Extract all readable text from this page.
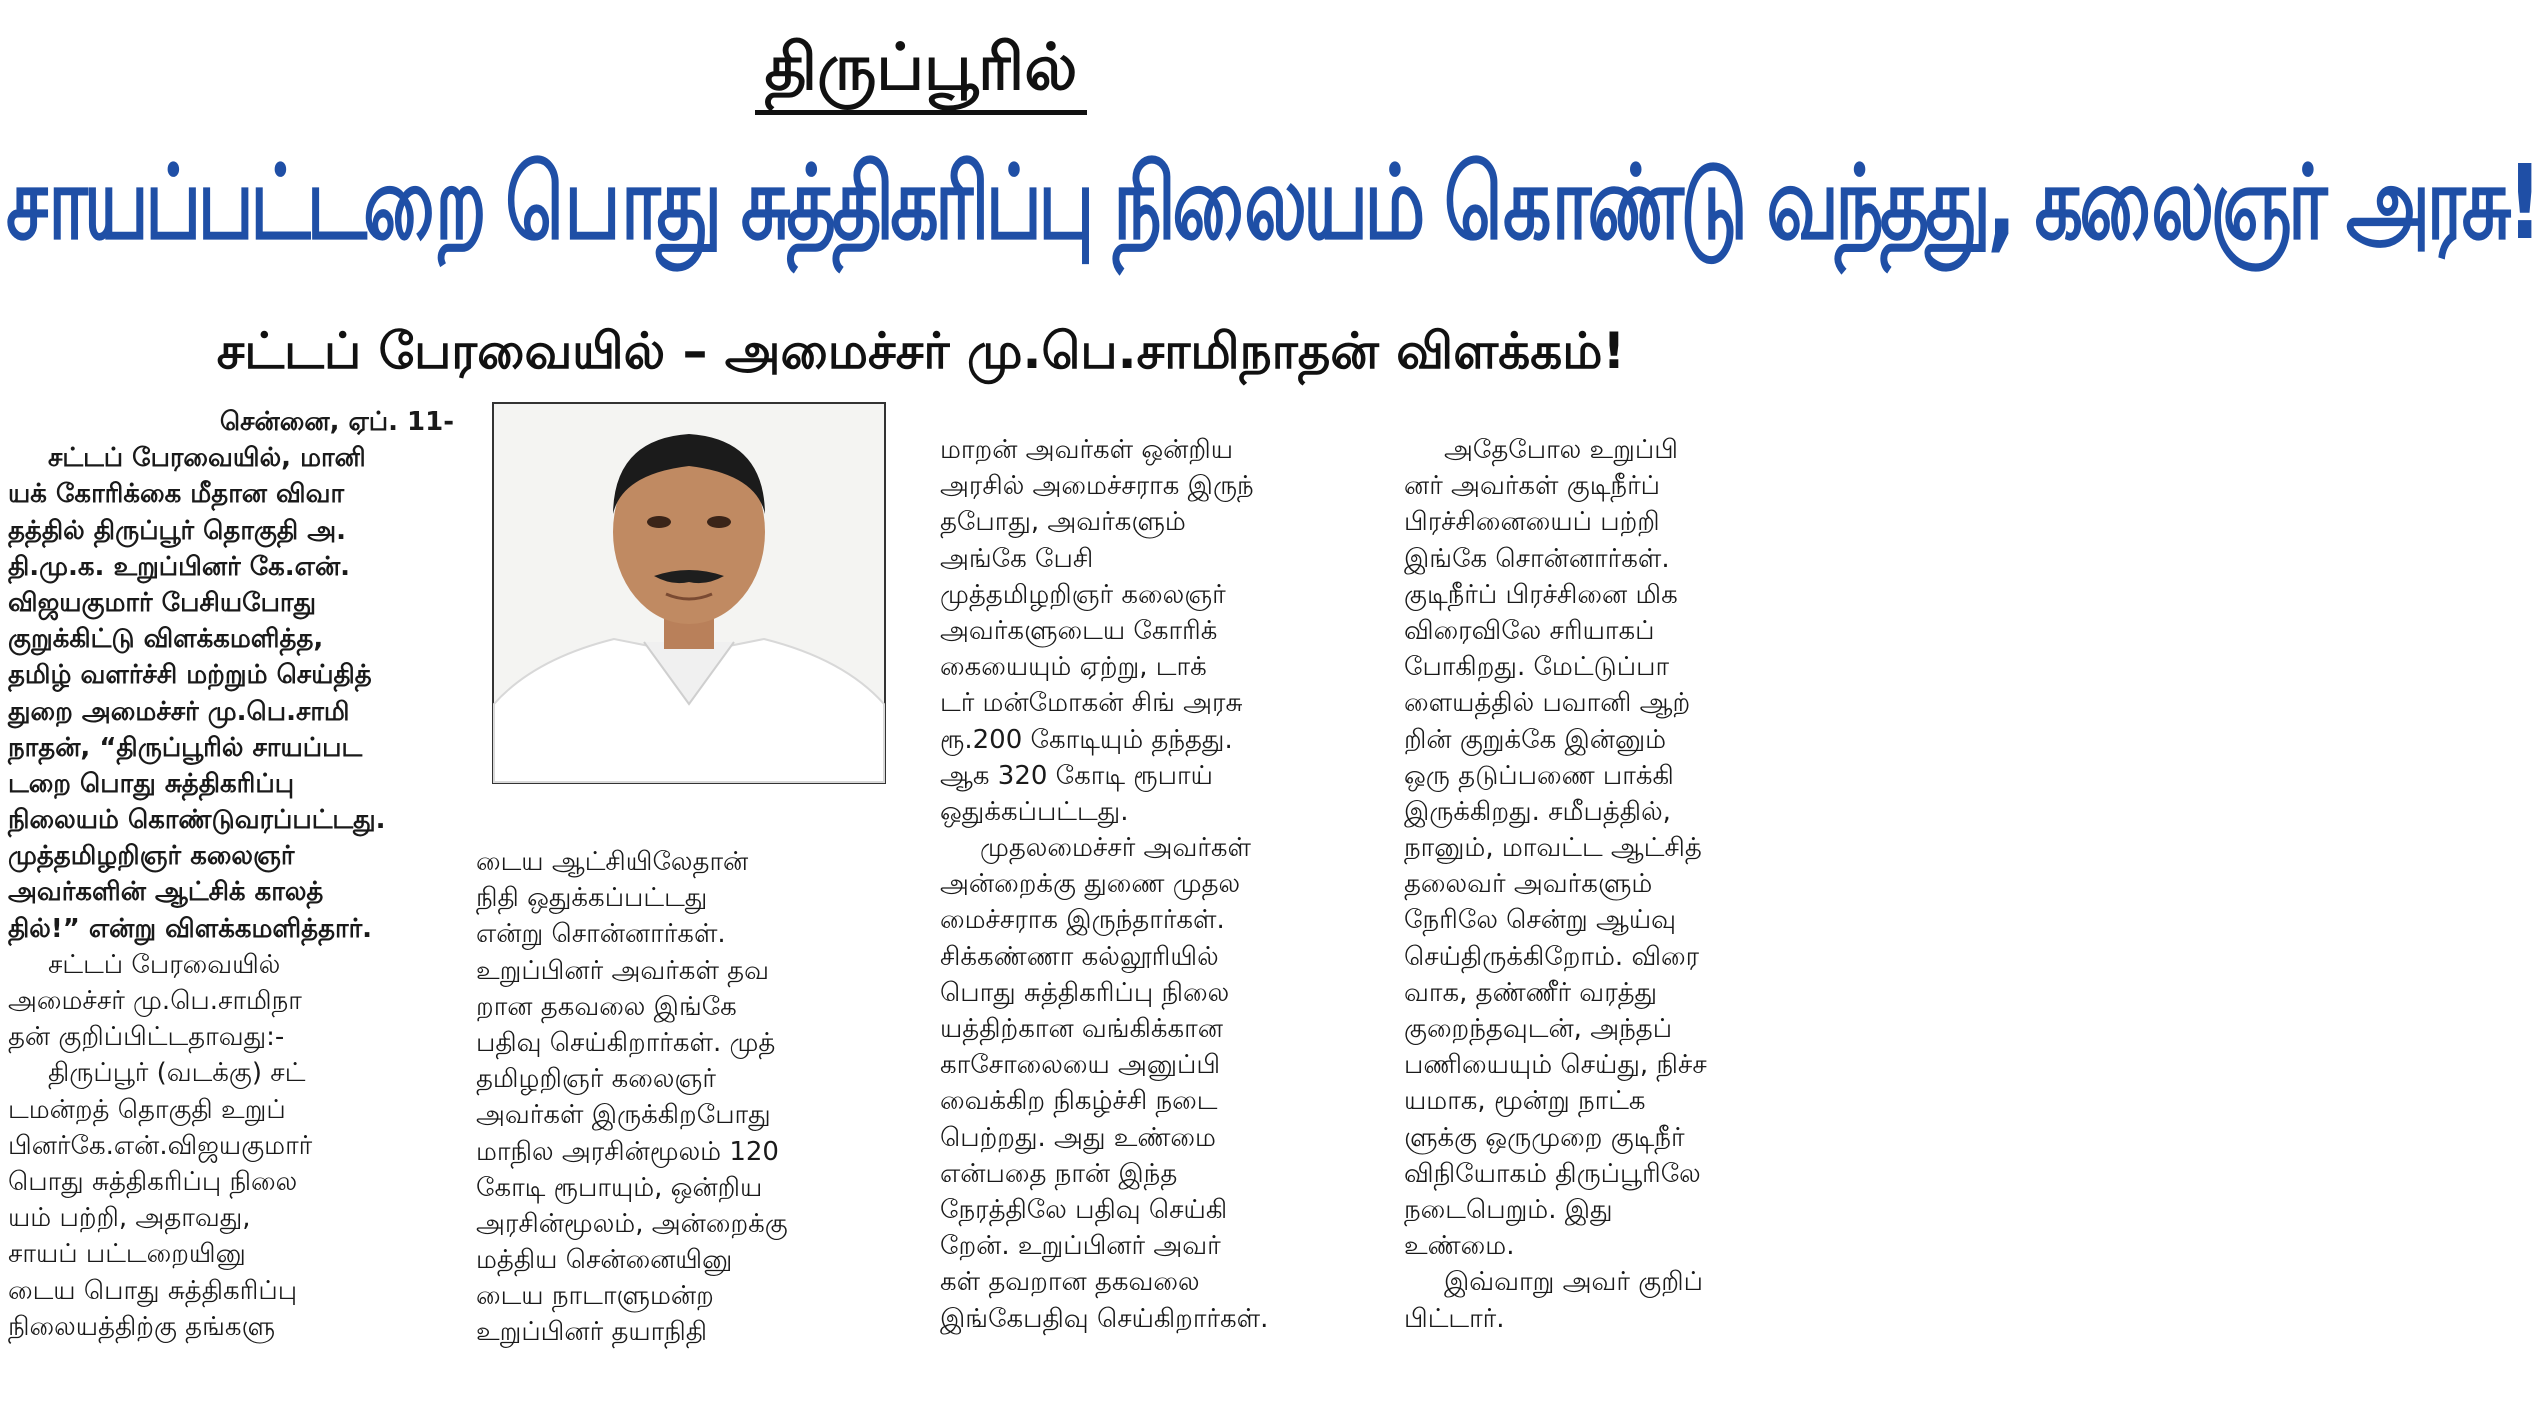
திருப்பூரில்
சாயப்பட்டறை பொது சுத்திகரிப்பு நிலையம் கொண்டு வந்தது, கலைஞர் அரசு!
சட்டப் பேரவையில் – அமைச்சர் மு.பெ.சாமிநாதன் விளக்கம்!
சென்னை, ஏப். 11-
சட்டப் பேரவையில், மானி
யக் கோரிக்கை மீதான விவா
தத்தில் திருப்பூர் தொகுதி அ.
தி.மு.க. உறுப்பினர் கே.என்.
விஜயகுமார் பேசியபோது
குறுக்கிட்டு விளக்கமளித்த,
தமிழ் வளர்ச்சி மற்றும் செய்தித்
துறை அமைச்சர் மு.பெ.சாமி
நாதன், “திருப்பூரில் சாயப்பட
டறை பொது சுத்திகரிப்பு
நிலையம் கொண்டுவரப்பட்டது.
முத்தமிழறிஞர் கலைஞர்
அவர்களின் ஆட்சிக் காலத்
தில்!” என்று விளக்கமளித்தார்.
சட்டப் பேரவையில்
அமைச்சர் மு.பெ.சாமிநா
தன் குறிப்பிட்டதாவது:-
திருப்பூர் (வடக்கு) சட்
டமன்றத் தொகுதி உறுப்
பினர்கே.என்.விஜயகுமார்
பொது சுத்திகரிப்பு நிலை
யம் பற்றி, அதாவது,
சாயப் பட்டறையினு
டைய பொது சுத்திகரிப்பு
நிலையத்திற்கு தங்களு
டைய ஆட்சியிலேதான்
நிதி ஒதுக்கப்பட்டது
என்று சொன்னார்கள்.
உறுப்பினர் அவர்கள் தவ
றான தகவலை இங்கே
பதிவு செய்கிறார்கள். முத்
தமிழறிஞர் கலைஞர்
அவர்கள் இருக்கிறபோது
மாநில அரசின்மூலம் 120
கோடி ரூபாயும், ஒன்றிய
அரசின்மூலம், அன்றைக்கு
மத்திய சென்னையினு
டைய நாடாளுமன்ற
உறுப்பினர் தயாநிதி
மாறன் அவர்கள் ஒன்றிய
அரசில் அமைச்சராக இருந்
தபோது, அவர்களும்
அங்கே பேசி
முத்தமிழறிஞர் கலைஞர்
அவர்களுடைய கோரிக்
கையையும் ஏற்று, டாக்
டர் மன்மோகன் சிங் அரசு
ரூ.200 கோடியும் தந்தது.
ஆக 320 கோடி ரூபாய்
ஒதுக்கப்பட்டது.
முதலமைச்சர் அவர்கள்
அன்றைக்கு துணை முதல
மைச்சராக இருந்தார்கள்.
சிக்கண்ணா கல்லூரியில்
பொது சுத்திகரிப்பு நிலை
யத்திற்கான வங்கிக்கான
காசோலையை அனுப்பி
வைக்கிற நிகழ்ச்சி நடை
பெற்றது. அது உண்மை
என்பதை நான் இந்த
நேரத்திலே பதிவு செய்கி
றேன். உறுப்பினர் அவர்
கள் தவறான தகவலை
இங்கேபதிவு செய்கிறார்கள்.
அதேபோல உறுப்பி
னர் அவர்கள் குடிநீர்ப்
பிரச்சினையைப் பற்றி
இங்கே சொன்னார்கள்.
குடிநீர்ப் பிரச்சினை மிக
விரைவிலே சரியாகப்
போகிறது. மேட்டுப்பா
ளையத்தில் பவானி ஆற்
றின் குறுக்கே இன்னும்
ஒரு தடுப்பணை பாக்கி
இருக்கிறது. சமீபத்தில்,
நானும், மாவட்ட ஆட்சித்
தலைவர் அவர்களும்
நேரிலே சென்று ஆய்வு
செய்திருக்கிறோம். விரை
வாக, தண்ணீர் வரத்து
குறைந்தவுடன், அந்தப்
பணியையும் செய்து, நிச்ச
யமாக, மூன்று நாட்க
ளுக்கு ஒருமுறை குடிநீர்
விநியோகம் திருப்பூரிலே
நடைபெறும். இது
உண்மை.
இவ்வாறு அவர் குறிப்
பிட்டார்.
